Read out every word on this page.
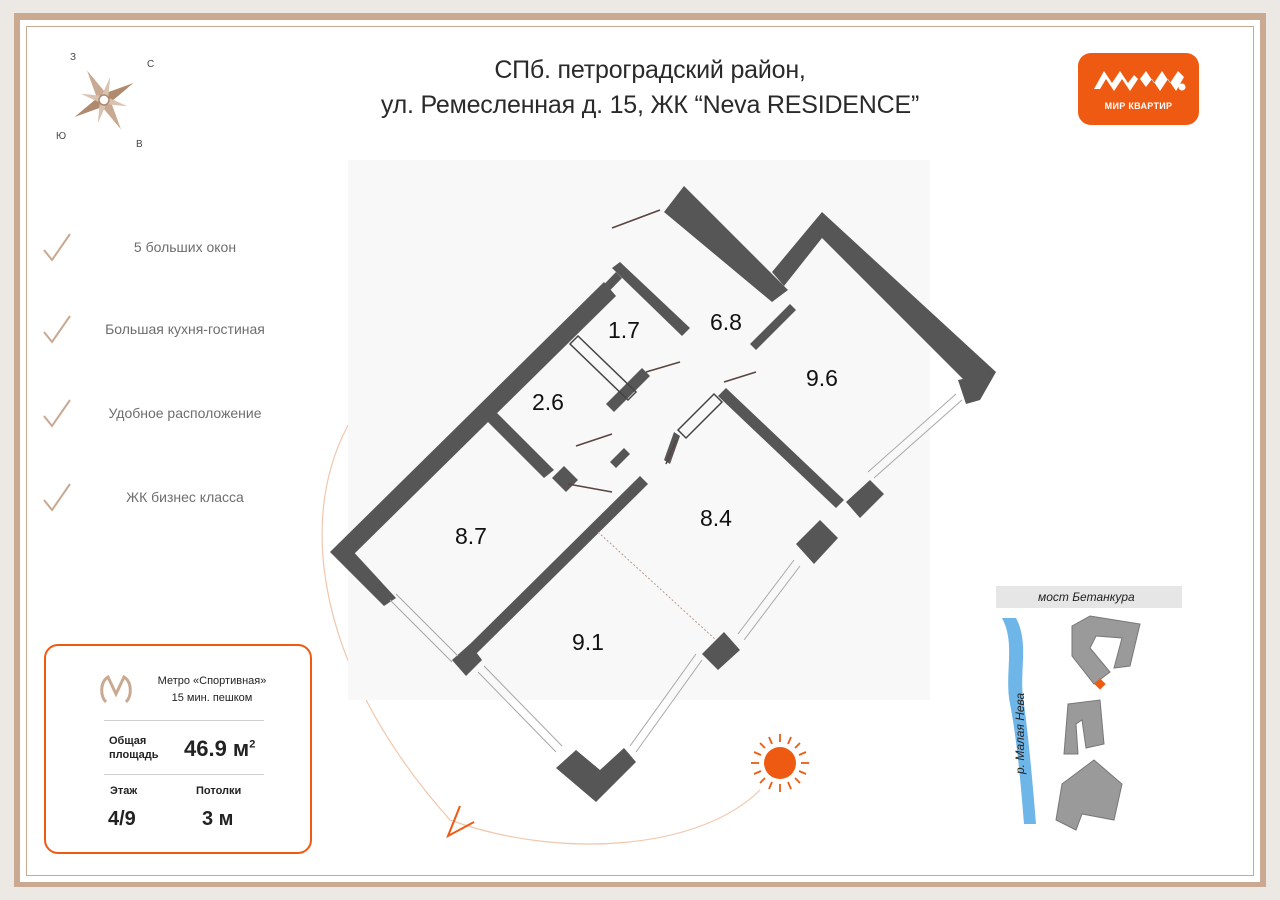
СПб. петроградский район,
ул. Ремесленная д. 15, ЖК “Neva RESIDENCE”	МИР КВАРТИР
З
С
Ю
В
5 больших окон
Большая кухня-гостиная
Удобное расположение
ЖК бизнес класса
1.7	6.8
9.6
2.6
8.7
8.4
9.1
Метро «Спортивная»
15 мин. пешком
Общая
площадь	46.9 $м^2$
Этаж	Потолки
4/9	3 м
мост Бетанкура
р. Малая Нева
